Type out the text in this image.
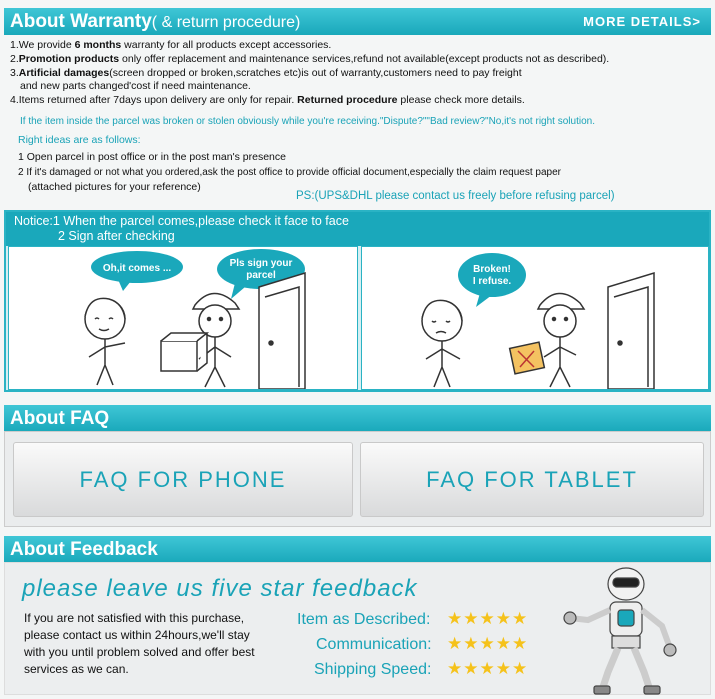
About Warranty( & return procedure)	MORE DETAILS>
1.We provide 6 months warranty for all products except accessories.
2.Promotion products only offer replacement and maintenance services,refund not available(except products not as described).
3.Artificial damages(screen dropped or broken,scratches etc)is out of warranty,customers need to pay freight
and new parts changed'cost if need maintenance.
4.Items returned after 7days upon delivery are only for repair. Returned procedure please check more details.
If the item inside the parcel was broken or stolen obviously while you're receiving."Dispute?""Bad review?"No,it's not right solution.
Right ideas are as follows:
1 Open parcel in post office or in the post man's presence
2 If it's damaged or not what you ordered,ask the post office to provide official document,especially the claim request paper
(attached pictures for your reference)
PS:(UPS&DHL please contact us freely before refusing parcel)
Notice:1 When the parcel comes,please check it face to face
2 Sign after checking
Oh,it comes ...	Pls sign your
parcel
Broken!
I refuse.
About FAQ
FAQ FOR PHONE	FAQ FOR TABLET
About Feedback
please leave us five star feedback
If you are not satisfied with this purchase,
please contact us within 24hours,we'll stay
with you until problem solved and offer best
services as we can.
Item as Described: ★★★★★
Communication: ★★★★★
Shipping Speed: ★★★★★
